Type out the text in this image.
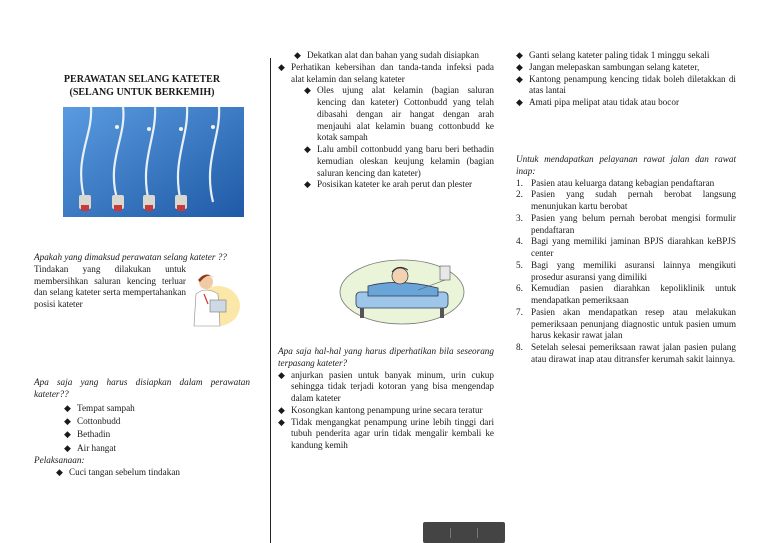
PERAWATAN SELANG KATETER
(SELANG UNTUK BERKEMIH)
Apakah yang dimaksud perawatan selang kateter ??
Tindakan yang dilakukan untuk membersihkan saluran kencing terluar dan selang kateter serta mempertahankan posisi kateter
Apa saja yang harus disiapkan dalam perawatan kateter??
◆ Tempat sampah
◆ Cottonbudd
◆ Bethadin
◆ Air hangat
Pelaksanaan:
◆ Cuci tangan sebelum tindakan
◆ Dekatkan alat dan bahan yang sudah disiapkan
◆ Perhatikan kebersihan dan tanda-tanda infeksi pada alat kelamin dan selang kateter
◆ Oles ujung alat kelamin (bagian saluran kencing dan kateter) Cottonbudd yang telah dibasahi dengan air hangat dengan arah menjauhi alat kelamin buang cottonbudd ke kotak sampah
◆ Lalu ambil cottonbudd yang baru beri bethadin kemudian oleskan keujung kelamin (bagian saluran kencing dan kateter)
◆ Posisikan kateter ke arah perut dan plester
Apa saja hal-hal yang harus diperhatikan bila seseorang terpasang kateter?
◆ anjurkan pasien untuk banyak minum, urin cukup sehingga tidak terjadi kotoran yang bisa mengendap dalam kateter
◆ Kosongkan kantong penampung urine secara teratur
◆ Tidak mengangkat penampung urine lebih tinggi dari tubuh penderita agar urin tidak mengalir kembali ke kandung kemih
◆ Ganti selang kateter paling tidak 1 minggu sekali
◆ Jangan melepaskan sambungan selang kateter,
◆ Kantong penampung kencing tidak boleh diletakkan di atas lantai
◆ Amati pipa melipat atau tidak atau bocor
Untuk mendapatkan pelayanan rawat jalan dan rawat inap:
1. Pasien atau keluarga datang kebagian pendaftaran
2. Pasien yang sudah pernah berobat langsung menunjukan kartu berobat
3. Pasien yang belum pernah berobat mengisi formulir pendaftaran
4. Bagi yang memiliki jaminan BPJS diarahkan keBPJS center
5. Bagi yang memiliki asuransi lainnya mengikuti prosedur asuransi yang dimiliki
6. Kemudian pasien diarahkan kepoliklinik untuk mendapatkan pemeriksaan
7. Pasien akan mendapatkan resep atau melakukan pemeriksaan penunjang diagnostic untuk pasien umum harus kekasir rawat jalan
8. Setelah selesai pemeriksaan rawat jalan pasien pulang atau dirawat inap atau ditransfer kerumah sakit lainnya.
